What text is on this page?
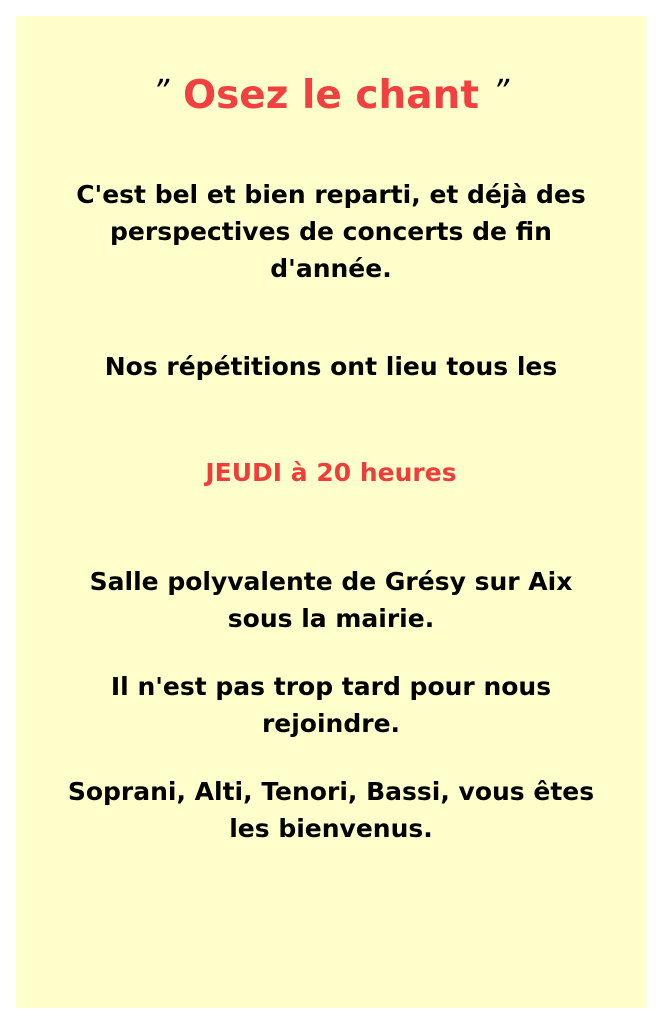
” Osez le chant ”
C'est bel et bien reparti, et déjà des
perspectives de concerts de fin
d'année.
Nos répétitions ont lieu tous les
JEUDI à 20 heures
Salle polyvalente de Grésy sur Aix
sous la mairie.
Il n'est pas trop tard pour nous
rejoindre.
Soprani, Alti, Tenori, Bassi, vous êtes
les bienvenus.
